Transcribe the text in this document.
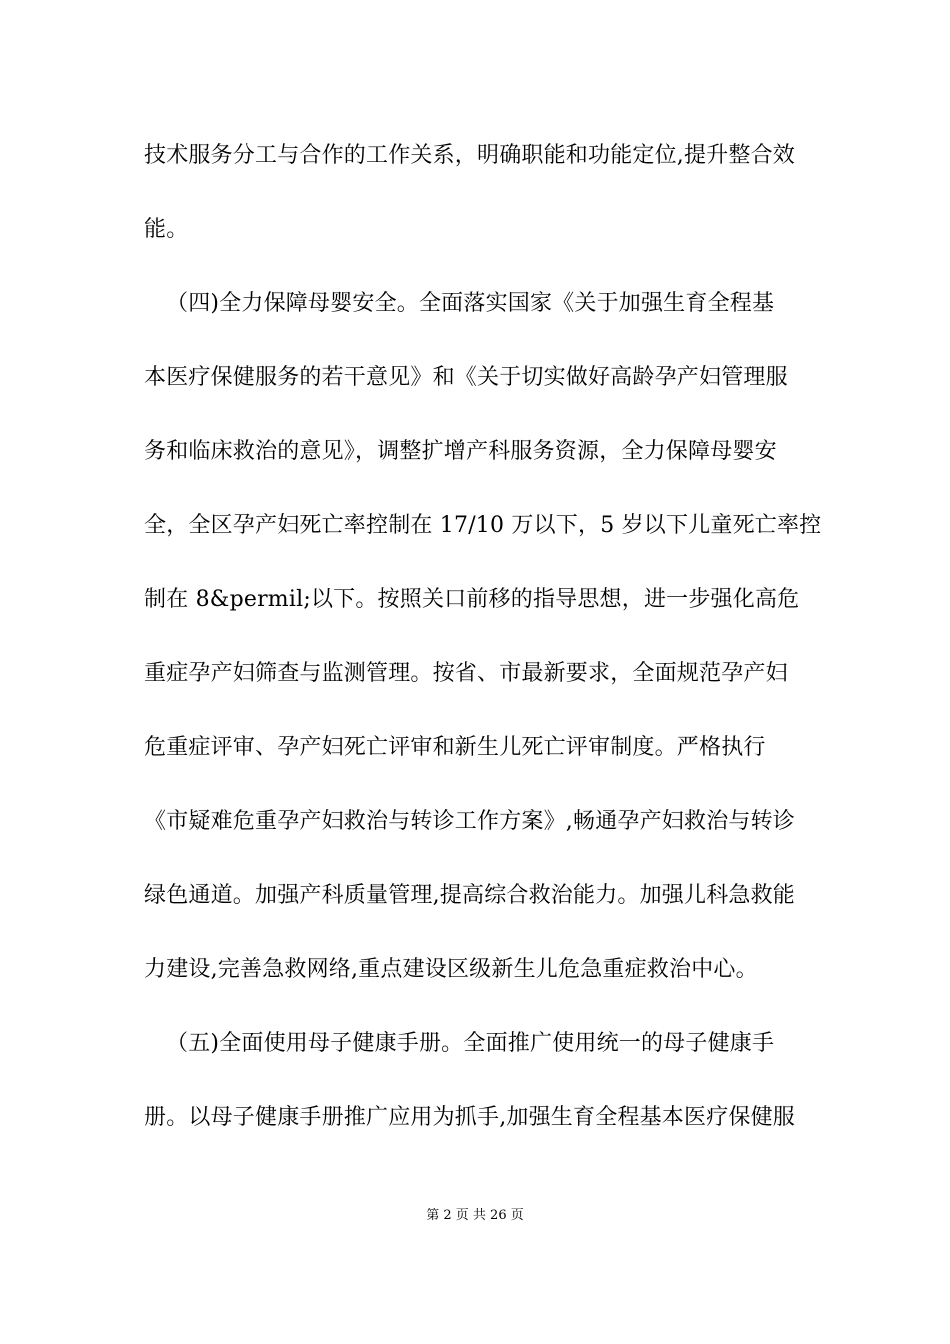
技术服务分工与合作的工作关系，明确职能和功能定位,提升整合效
能。
（四)全力保障母婴安全。全面落实国家《关于加强生育全程基
本医疗保健服务的若干意见》和《关于切实做好高龄孕产妇管理服
务和临床救治的意见》，调整扩增产科服务资源，全力保障母婴安
全，全区孕产妇死亡率控制在 17/10 万以下，5 岁以下儿童死亡率控
制在 8&permil;以下。按照关口前移的指导思想，进一步强化高危
重症孕产妇筛查与监测管理。按省、市最新要求，全面规范孕产妇
危重症评审、孕产妇死亡评审和新生儿死亡评审制度。严格执行
《市疑难危重孕产妇救治与转诊工作方案》,畅通孕产妇救治与转诊
绿色通道。加强产科质量管理,提高综合救治能力。加强儿科急救能
力建设,完善急救网络,重点建设区级新生儿危急重症救治中心。
（五)全面使用母子健康手册。全面推广使用统一的母子健康手
册。以母子健康手册推广应用为抓手,加强生育全程基本医疗保健服
第 2 页 共 26 页
